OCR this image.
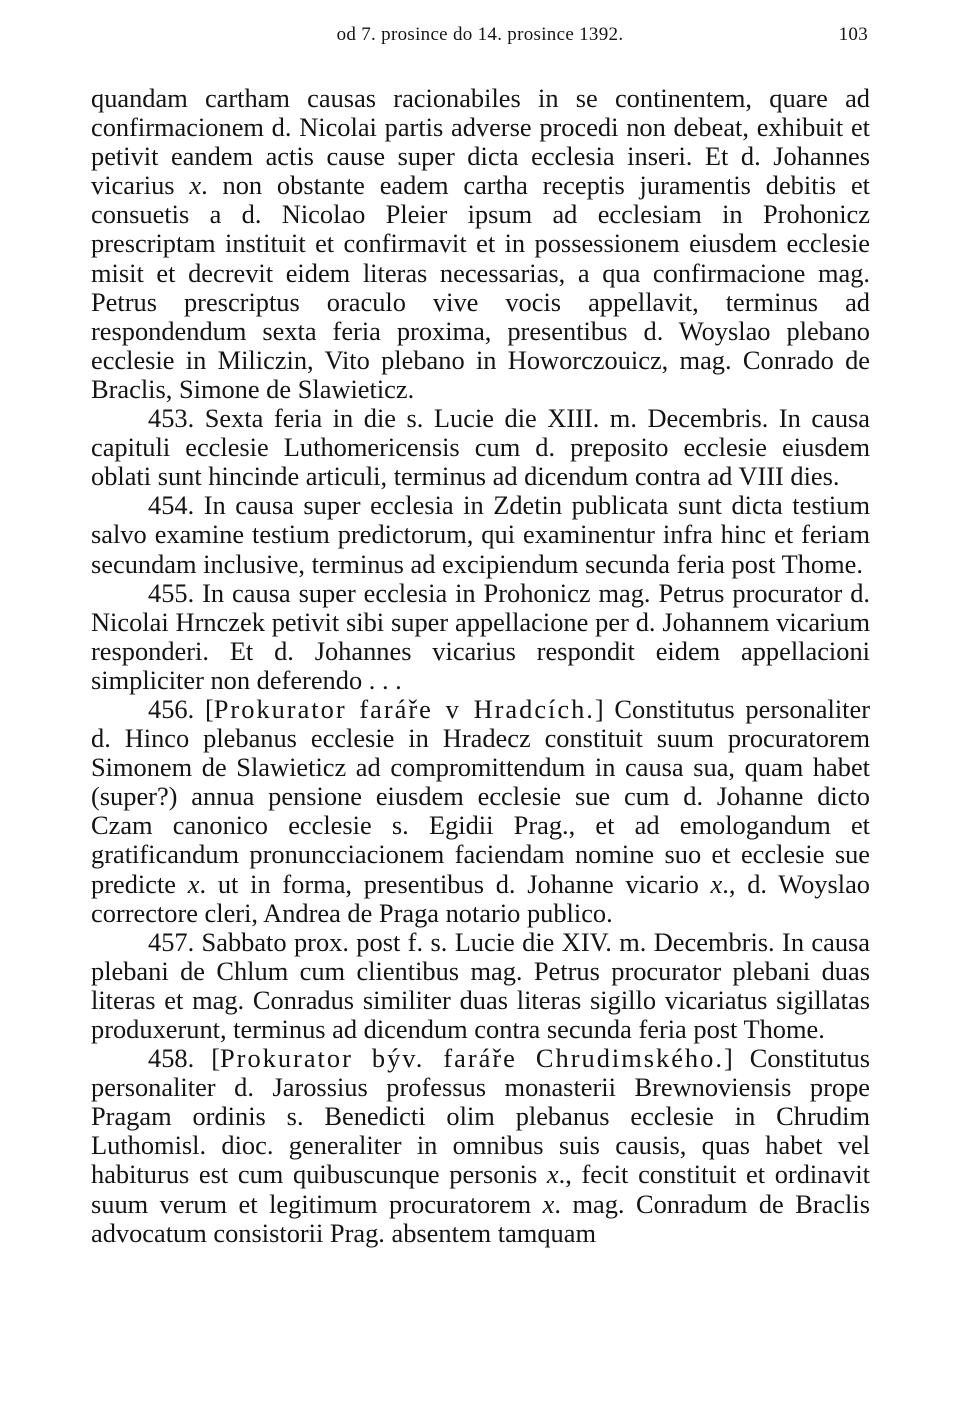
od 7. prosince do 14. prosince 1392.	103

quandam cartham causas racionabiles in se continentem, quare ad confirmacionem d. Nicolai partis adverse procedi non debeat, exhibuit et petivit eandem actis cause super dicta ecclesia inseri. Et d. Johannes vicarius x. non obstante eadem cartha receptis juramentis debitis et consuetis a d. Nicolao Pleier ipsum ad ecclesiam in Prohonicz prescriptam instituit et confirmavit et in possessionem eiusdem ecclesie misit et decrevit eidem literas necessarias, a qua confirmacione mag. Petrus prescriptus oraculo vive vocis appellavit, terminus ad respondendum sexta feria proxima, presentibus d. Woyslao plebano ecclesie in Miliczin, Vito plebano in Howorczouicz, mag. Conrado de Braclis, Simone de Slawieticz.

453. Sexta feria in die s. Lucie die XIII. m. Decembris. In causa capituli ecclesie Luthomericensis cum d. preposito ecclesie eiusdem oblati sunt hincinde articuli, terminus ad dicendum contra ad VIII dies.

454. In causa super ecclesia in Zdetin publicata sunt dicta testium salvo examine testium predictorum, qui examinentur infra hinc et feriam secundam inclusive, terminus ad excipiendum secunda feria post Thome.

455. In causa super ecclesia in Prohonicz mag. Petrus procurator d. Nicolai Hrnczek petivit sibi super appellacione per d. Johannem vicarium responderi. Et d. Johannes vicarius respondit eidem appellacioni simpliciter non deferendo . . .

456. [Prokurator faráře v Hradcích.] Constitutus personaliter d. Hinco plebanus ecclesie in Hradecz constituit suum procuratorem Simonem de Slawieticz ad compromittendum in causa sua, quam habet (super?) annua pensione eiusdem ecclesie sue cum d. Johanne dicto Czam canonico ecclesie s. Egidii Prag., et ad emologandum et gratificandum pronuncciacionem faciendam nomine suo et ecclesie sue predicte x. ut in forma, presentibus d. Johanne vicario x., d. Woyslao correctore cleri, Andrea de Praga notario publico.

457. Sabbato prox. post f. s. Lucie die XIV. m. Decembris. In causa plebani de Chlum cum clientibus mag. Petrus procurator plebani duas literas et mag. Conradus similiter duas literas sigillo vicariatus sigillatas produxerunt, terminus ad dicendum contra secunda feria post Thome.

458. [Prokurator býv. faráře Chrudimského.] Constitutus personaliter d. Jarossius professus monasterii Brewnoviensis prope Pragam ordinis s. Benedicti olim plebanus ecclesie in Chrudim Luthomisl. dioc. generaliter in omnibus suis causis, quas habet vel habiturus est cum quibuscunque personis x., fecit constituit et ordinavit suum verum et legitimum procuratorem x. mag. Conradum de Braclis advocatum consistorii Prag. absentem tamquam
